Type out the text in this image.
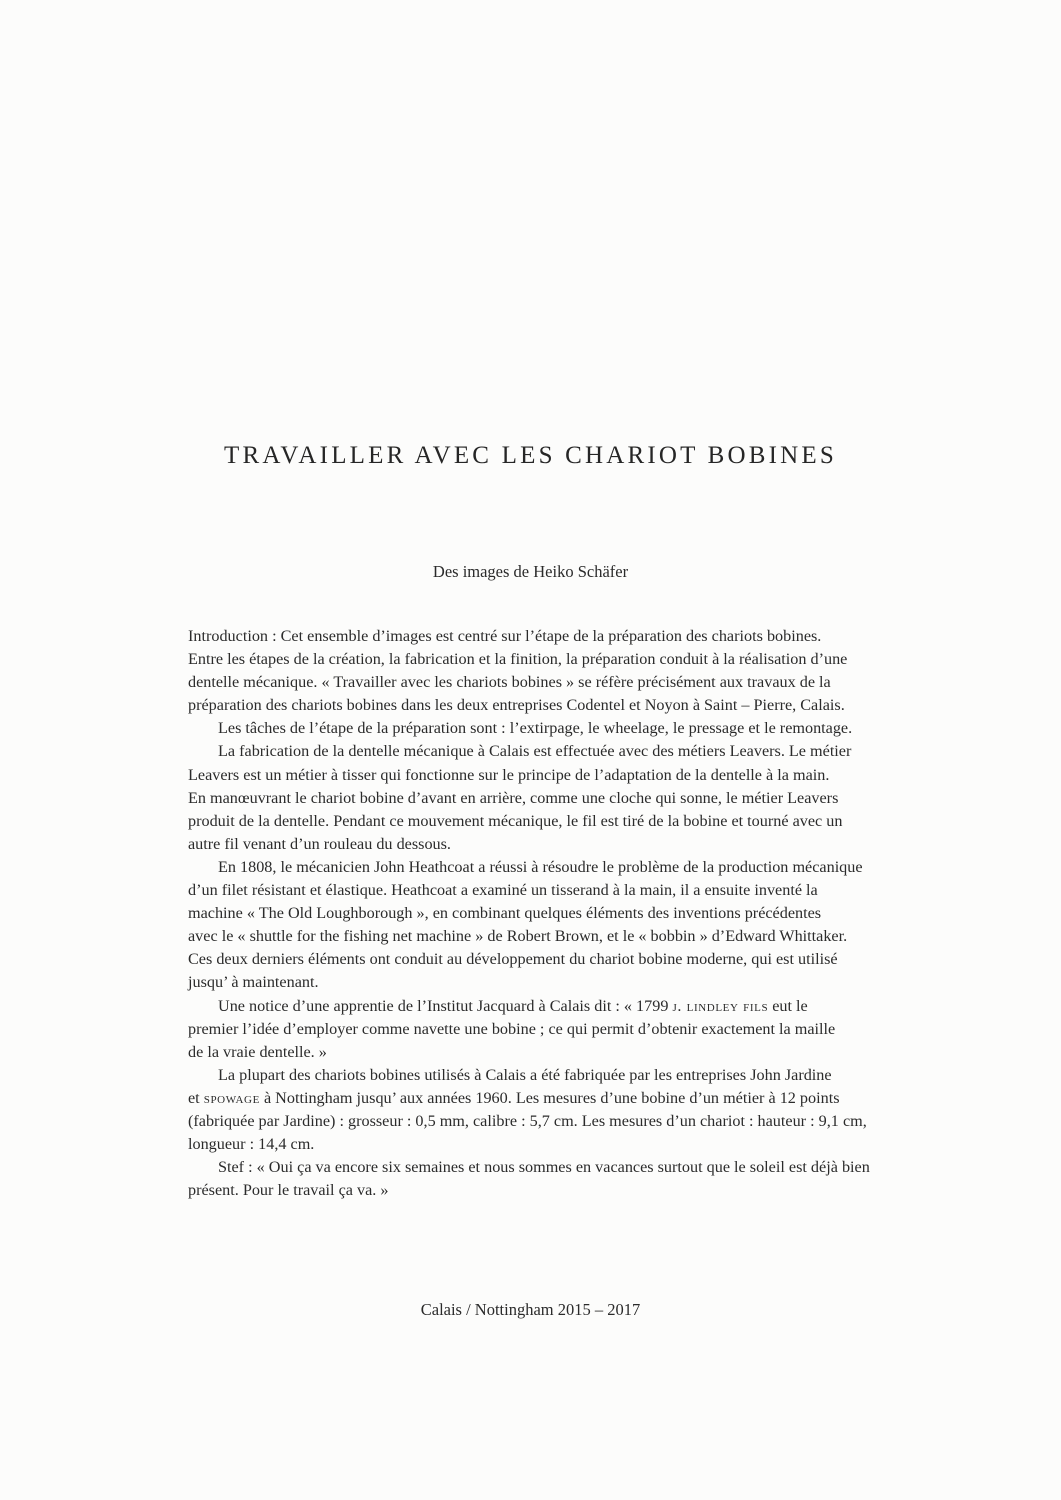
TRAVAILLER AVEC LES CHARIOT BOBINES

Des images de Heiko Schäfer

Introduction : Cet ensemble d’images est centré sur l’étape de la préparation des chariots bobines.
Entre les étapes de la création, la fabrication et la finition, la préparation conduit à la réalisation d’une
dentelle mécanique. « Travailler avec les chariots bobines » se réfère précisément aux travaux de la
préparation des chariots bobines dans les deux entreprises Codentel et Noyon à Saint – Pierre, Calais.

Les tâches de l’étape de la préparation sont : l’extirpage, le wheelage, le pressage et le remontage.

La fabrication de la dentelle mécanique à Calais est effectuée avec des métiers Leavers. Le métier
Leavers est un métier à tisser qui fonctionne sur le principe de l’adaptation de la dentelle à la main.
En manœuvrant le chariot bobine d’avant en arrière, comme une cloche qui sonne, le métier Leavers
produit de la dentelle. Pendant ce mouvement mécanique, le fil est tiré de la bobine et tourné avec un
autre fil venant d’un rouleau du dessous.

En 1808, le mécanicien John Heathcoat a réussi à résoudre le problème de la production mécanique
d’un filet résistant et élastique. Heathcoat a examiné un tisserand à la main, il a ensuite inventé la
machine « The Old Loughborough », en combinant quelques éléments des inventions précédentes
avec le « shuttle for the fishing net machine » de Robert Brown, et le « bobbin » d’Edward Whittaker.
Ces deux derniers éléments ont conduit au développement du chariot bobine moderne, qui est utilisé
jusqu’ à maintenant.

Une notice d’une apprentie de l’Institut Jacquard à Calais dit : « 1799 j. lindley fils eut le
premier l’idée d’employer comme navette une bobine ; ce qui permit d’obtenir exactement la maille
de la vraie dentelle. »

La plupart des chariots bobines utilisés à Calais a été fabriquée par les entreprises John Jardine
et spowage à Nottingham jusqu’ aux années 1960. Les mesures d’une bobine d’un métier à 12 points
(fabriquée par Jardine) : grosseur : 0,5 mm, calibre : 5,7 cm. Les mesures d’un chariot : hauteur : 9,1 cm,
longueur : 14,4 cm.

Stef : « Oui ça va encore six semaines et nous sommes en vacances surtout que le soleil est déjà bien
présent. Pour le travail ça va. »

Calais / Nottingham 2015 – 2017
